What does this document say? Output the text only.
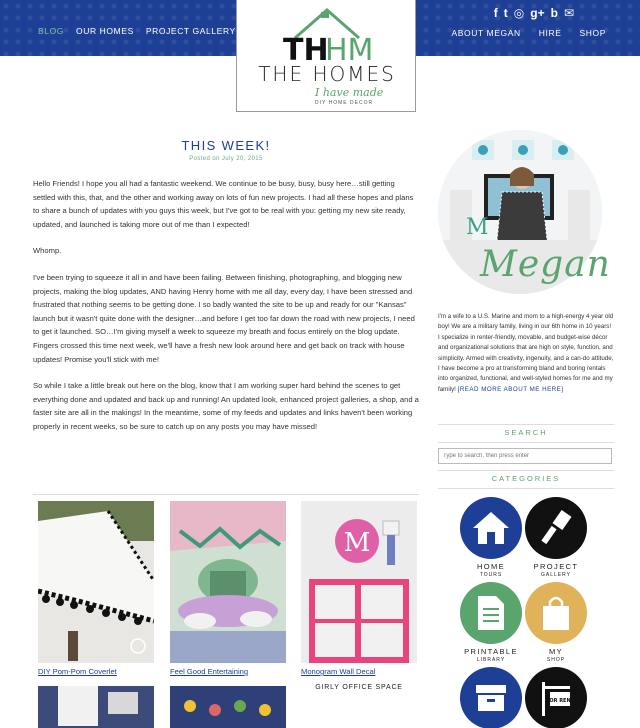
BLOG OUR HOMES PROJECT GALLERY
f t ◎ g+ b ✉
ABOUT MEGAN HIRE SHOP
TH
HM
THE HOMES
I have made
DIY HOME DECOR
THIS WEEK!
Posted on July 20, 2015

Hello Friends! I hope you all had a fantastic weekend. We continue to be busy, busy, busy here…still getting settled with this, that, and the other and working away on lots of fun new projects. I had all these hopes and plans to share a bunch of updates with you guys this week, but I've got to be real with you: getting my new site ready, updated, and launched is taking more out of me than I expected!

Whomp.

I've been trying to squeeze it all in and have been failing. Between finishing, photographing, and blogging new projects, making the blog updates, AND having Henry home with me all day, every day, I have been stressed and frustrated that nothing seems to be getting done. I so badly wanted the site to be up and ready for our "Kansas" launch but it wasn't quite done with the designer…and before I get too far down the road with new projects, I need to get it launched. SO…I'm giving myself a week to squeeze my breath and focus entirely on the blog update. Fingers crossed this time next week, we'll have a fresh new look around here and get back on track with house updates! Promise you'll stick with me!

So while I take a little break out here on the blog, know that I am working super hard behind the scenes to get everything done and updated and back up and running! An updated look, enhanced project galleries, a shop, and a faster site are all in the makings! In the meantime, some of my feeds and updates and links haven't been working properly in recent weeks, so be sure to catch up on any posts you may have missed!

M
DIY Pom-Pom Coverlet	Feel Good Entertaining	Monogram Wall Decal
GIRLY OFFICE SPACE
M
Megan
I'm a wife to a U.S. Marine and mom to a high-energy 4 year old boy! We are a military family, living in our 6th home in 10 years! I specialize in renter-friendly, movable, and budget-wise décor and organizational solutions that are high on style, function, and simplicity. Armed with creativity, ingenuity, and a can-do attitude, I have become a pro at transforming bland and boring rentals into organized, functional, and well-styled homes for me and my family! [READ MORE ABOUT ME HERE]
SEARCH
Type to search, then press enter
CATEGORIES
HOME
TOURS
PROJECT
GALLERY
PRINTABLE
LIBRARY
MY
SHOP
FOR RENT
